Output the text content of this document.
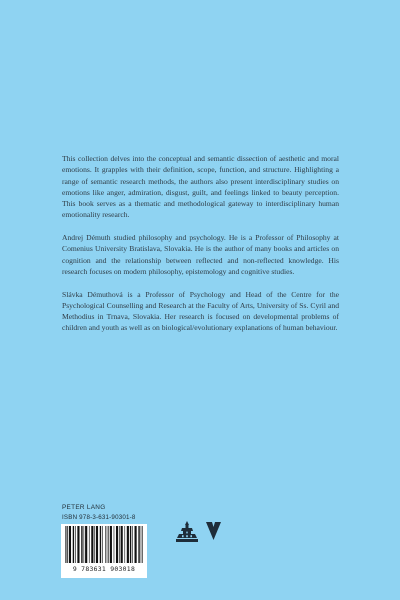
This collection delves into the conceptual and semantic dissection of aesthetic and moral emotions. It grapples with their definition, scope, function, and structure. Highlighting a range of semantic research methods, the authors also present interdisciplinary studies on emotions like anger, admiration, disgust, guilt, and feelings linked to beauty perception. This book serves as a thematic and methodological gateway to interdisciplinary human emotionality research.

Andrej Démuth studied philosophy and psychology. He is a Professor of Philosophy at Comenius University Bratislava, Slovakia. He is the author of many books and articles on cognition and the relationship between reflected and non-reflected knowledge. His research focuses on modern philosophy, epistemology and cognitive studies.

Slávka Démuthová is a Professor of Psychology and Head of the Centre for the Psychological Counselling and Research at the Faculty of Arts, University of Ss. Cyril and Methodius in Trnava, Slovakia. Her research is focused on developmental problems of children and youth as well as on biological/evolutionary explanations of human behaviour.

PETER LANG
ISBN 978-3-631-90301-8
9 783631 903018
